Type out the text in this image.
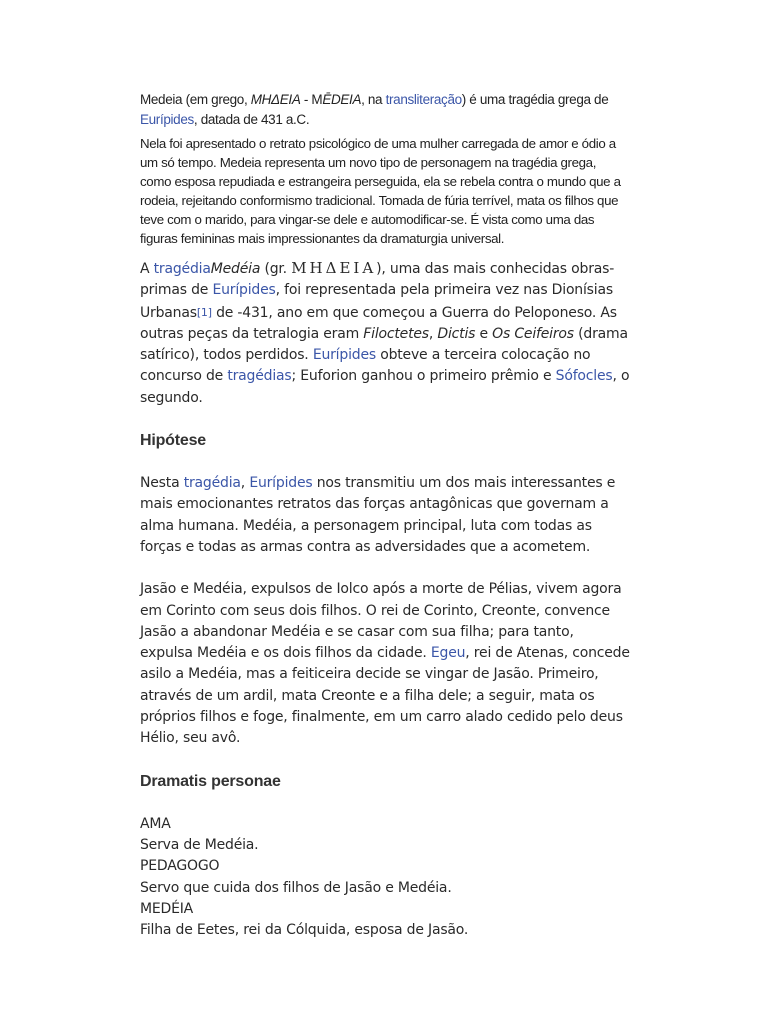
Medeia (em grego, ΜΗΔΕΙΑ - MĒDEIA, na transliteração) é uma tragédia grega de
Eurípides, datada de 431 a.C.

Nela foi apresentado o retrato psicológico de uma mulher carregada de amor e ódio a um só tempo. Medeia representa um novo tipo de personagem na tragédia grega, como esposa repudiada e estrangeira perseguida, ela se rebela contra o mundo que a rodeia, rejeitando conformismo tradicional. Tomada de fúria terrível, mata os filhos que teve com o marido, para vingar-se dele e automodificar-se. É vista como uma das figuras femininas mais impressionantes da dramaturgia universal.

A tragédiaMedéia (gr. ΜΗΔΕΙΑ), uma das mais conhecidas obras-primas de Eurípides, foi representada pela primeira vez nas Dionísias Urbanas[1] de -431, ano em que começou a Guerra do Peloponeso. As outras peças da tetralogia eram Filoctetes, Dictis e Os Ceifeiros (drama satírico), todos perdidos. Eurípides obteve a terceira colocação no concurso de tragédias; Euforion ganhou o primeiro prêmio e Sófocles, o segundo.

Hipótese

Nesta tragédia, Eurípides nos transmitiu um dos mais interessantes e mais emocionantes retratos das forças antagônicas que governam a alma humana. Medéia, a personagem principal, luta com todas as forças e todas as armas contra as adversidades que a acometem.

Jasão e Medéia, expulsos de Iolco após a morte de Pélias, vivem agora em Corinto com seus dois filhos. O rei de Corinto, Creonte, convence Jasão a abandonar Medéia e se casar com sua filha; para tanto, expulsa Medéia e os dois filhos da cidade. Egeu, rei de Atenas, concede asilo a Medéia, mas a feiticeira decide se vingar de Jasão. Primeiro, através de um ardil, mata Creonte e a filha dele; a seguir, mata os próprios filhos e foge, finalmente, em um carro alado cedido pelo deus Hélio, seu avô.

Dramatis personae
AMA
Serva de Medéia.
PEDAGOGO
Servo que cuida dos filhos de Jasão e Medéia.
MEDÉIA
Filha de Eetes, rei da Cólquida, esposa de Jasão.
